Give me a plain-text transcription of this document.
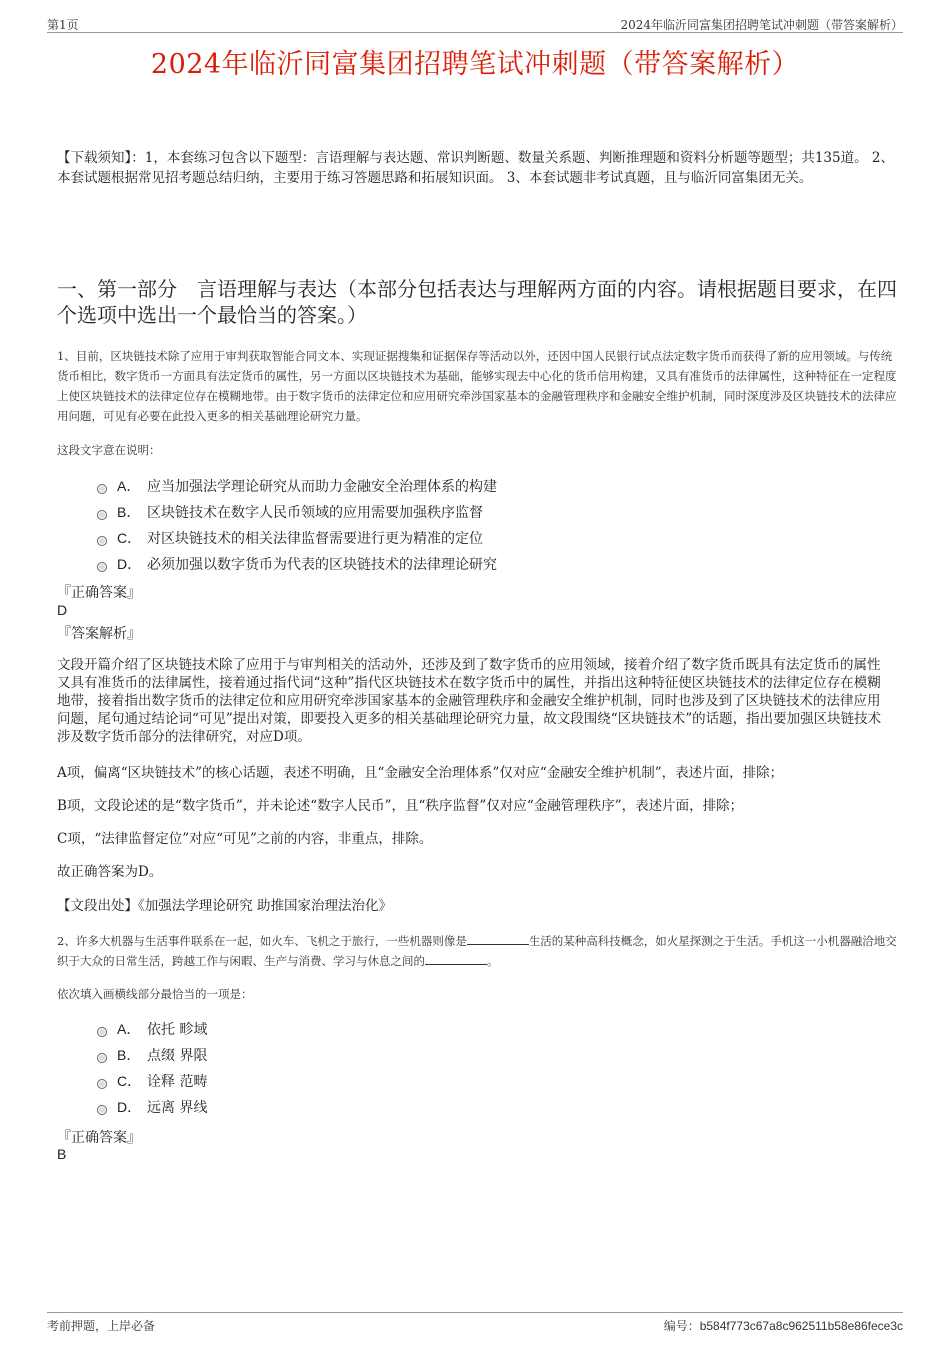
第1页	2024年临沂同富集团招聘笔试冲刺题（带答案解析）
2024年临沂同富集团招聘笔试冲刺题（带答案解析）
【下载须知】：1，本套练习包含以下题型：言语理解与表达题、常识判断题、数量关系题、判断推理题和资料分析题等题型；共135道。 2、本套试题根据常见招考题总结归纳，主要用于练习答题思路和拓展知识面。 3、本套试题非考试真题，且与临沂同富集团无关。
一、第一部分　言语理解与表达（本部分包括表达与理解两方面的内容。请根据题目要求，在四个选项中选出一个最恰当的答案。）
1、目前，区块链技术除了应用于审判获取智能合同文本、实现证据搜集和证据保存等活动以外，还因中国人民银行试点法定数字货币而获得了新的应用领域。与传统货币相比，数字货币一方面具有法定货币的属性，另一方面以区块链技术为基础，能够实现去中心化的货币信用构建，又具有准货币的法律属性，这种特征在一定程度上使区块链技术的法律定位存在模糊地带。由于数字货币的法律定位和应用研究牵涉国家基本的金融管理秩序和金融安全维护机制，同时深度涉及区块链技术的法律应用问题，可见有必要在此投入更多的相关基础理论研究力量。
这段文字意在说明：
A． 应当加强法学理论研究从而助力金融安全治理体系的构建
B． 区块链技术在数字人民币领域的应用需要加强秩序监督
C． 对区块链技术的相关法律监督需要进行更为精准的定位
D． 必须加强以数字货币为代表的区块链技术的法律理论研究
『正确答案』
D
『答案解析』
文段开篇介绍了区块链技术除了应用于与审判相关的活动外，还涉及到了数字货币的应用领域，接着介绍了数字货币既具有法定货币的属性又具有准货币的法律属性，接着通过指代词“这种”指代区块链技术在数字货币中的属性，并指出这种特征使区块链技术的法律定位存在模糊地带，接着指出数字货币的法律定位和应用研究牵涉国家基本的金融管理秩序和金融安全维护机制，同时也涉及到了区块链技术的法律应用问题，尾句通过结论词“可见”提出对策，即要投入更多的相关基础理论研究力量，故文段围绕“区块链技术”的话题，指出要加强区块链技术涉及数字货币部分的法律研究，对应D项。
A项，偏离“区块链技术”的核心话题，表述不明确，且“金融安全治理体系”仅对应“金融安全维护机制”，表述片面，排除；
B项，文段论述的是“数字货币”，并未论述“数字人民币”，且“秩序监督”仅对应“金融管理秩序”，表述片面，排除；
C项，“法律监督定位”对应“可见”之前的内容，非重点，排除。
故正确答案为D。
【文段出处】《加强法学理论研究 助推国家治理法治化》
2、许多大机器与生活事件联系在一起，如火车、飞机之于旅行，一些机器则像是	生活的某种高科技概念，如火星探测之于生活。手机这一小机器融洽地交织于大众的日常生活，跨越工作与闲暇、生产与消费、学习与休息之间的	。
依次填入画横线部分最恰当的一项是：
A． 依托 畛域
B． 点缀 界限
C． 诠释 范畴
D． 远离 界线
『正确答案』
B
考前押题，上岸必备	编号：b584f773c67a8c962511b58e86fece3c
